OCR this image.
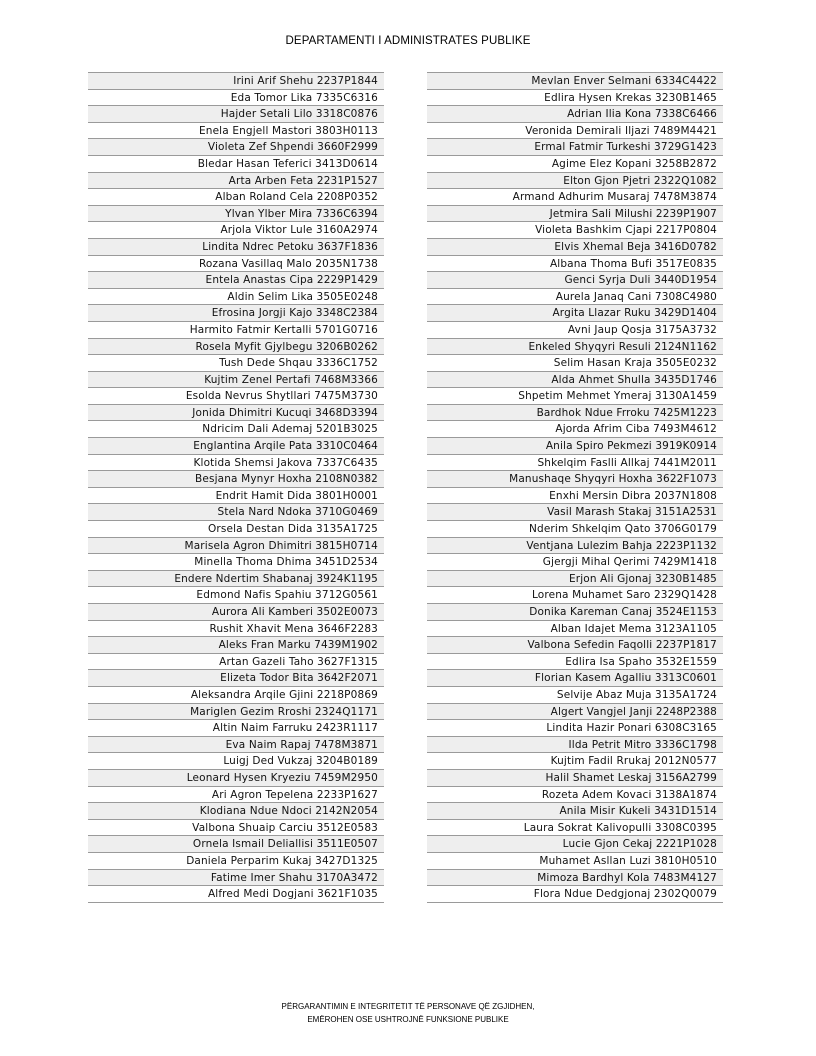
DEPARTAMENTI I ADMINISTRATES PUBLIKE
Irini Arif Shehu 2237P1844
Eda Tomor Lika 7335C6316
Hajder Setali Lilo 3318C0876
Enela Engjell Mastori 3803H0113
Violeta Zef Shpendi 3660F2999
Bledar Hasan Teferici 3413D0614
Arta Arben Feta 2231P1527
Alban Roland Cela 2208P0352
Ylvan Ylber Mira 7336C6394
Arjola Viktor Lule 3160A2974
Lindita Ndrec Petoku 3637F1836
Rozana Vasillaq Malo 2035N1738
Entela Anastas Cipa 2229P1429
Aldin Selim Lika 3505E0248
Efrosina Jorgji Kajo 3348C2384
Harmito Fatmir Kertalli 5701G0716
Rosela Myfit Gjylbegu 3206B0262
Tush Dede Shqau 3336C1752
Kujtim Zenel Pertafi 7468M3366
Esolda Nevrus Shytllari 7475M3730
Jonida Dhimitri Kucuqi 3468D3394
Ndricim Dali Ademaj 5201B3025
Englantina Arqile Pata 3310C0464
Klotida Shemsi Jakova 7337C6435
Besjana Mynyr Hoxha 2108N0382
Endrit Hamit Dida 3801H0001
Stela Nard Ndoka 3710G0469
Orsela Destan Dida 3135A1725
Marisela Agron Dhimitri 3815H0714
Minella Thoma Dhima 3451D2534
Endere Ndertim Shabanaj 3924K1195
Edmond Nafis Spahiu 3712G0561
Aurora Ali Kamberi 3502E0073
Rushit Xhavit Mena 3646F2283
Aleks Fran Marku 7439M1902
Artan Gazeli Taho 3627F1315
Elizeta Todor Bita 3642F2071
Aleksandra Arqile Gjini 2218P0869
Mariglen Gezim Rroshi 2324Q1171
Altin Naim Farruku 2423R1117
Eva Naim Rapaj 7478M3871
Luigj Ded Vukzaj 3204B0189
Leonard Hysen Kryeziu 7459M2950
Ari Agron Tepelena 2233P1627
Klodiana Ndue Ndoci 2142N2054
Valbona Shuaip Carciu 3512E0583
Ornela Ismail Deliallisi 3511E0507
Daniela Perparim Kukaj 3427D1325
Fatime Imer Shahu 3170A3472
Alfred Medi Dogjani 3621F1035
Mevlan Enver Selmani 6334C4422
Edlira Hysen Krekas 3230B1465
Adrian Ilia Kona 7338C6466
Veronida Demirali Iljazi 7489M4421
Ermal Fatmir Turkeshi 3729G1423
Agime Elez Kopani 3258B2872
Elton Gjon Pjetri 2322Q1082
Armand Adhurim Musaraj 7478M3874
Jetmira Sali Milushi 2239P1907
Violeta Bashkim Cjapi 2217P0804
Elvis Xhemal Beja 3416D0782
Albana Thoma Bufi 3517E0835
Genci Syrja Duli 3440D1954
Aurela Janaq Cani 7308C4980
Argita Llazar Ruku 3429D1404
Avni Jaup Qosja 3175A3732
Enkeled Shyqyri Resuli 2124N1162
Selim Hasan Kraja 3505E0232
Alda Ahmet Shulla 3435D1746
Shpetim Mehmet Ymeraj 3130A1459
Bardhok Ndue Frroku 7425M1223
Ajorda Afrim Ciba 7493M4612
Anila Spiro Pekmezi 3919K0914
Shkelqim Faslli Allkaj 7441M2011
Manushaqe Shyqyri Hoxha 3622F1073
Enxhi Mersin Dibra 2037N1808
Vasil Marash Stakaj 3151A2531
Nderim Shkelqim Qato 3706G0179
Ventjana Lulezim Bahja 2223P1132
Gjergji Mihal Qerimi 7429M1418
Erjon Ali Gjonaj 3230B1485
Lorena Muhamet Saro 2329Q1428
Donika Kareman Canaj 3524E1153
Alban Idajet Mema 3123A1105
Valbona Sefedin Faqolli 2237P1817
Edlira Isa Spaho 3532E1559
Florian Kasem Agalliu 3313C0601
Selvije Abaz Muja 3135A1724
Algert Vangjel Janji 2248P2388
Lindita Hazir Ponari 6308C3165
Ilda Petrit Mitro 3336C1798
Kujtim Fadil Rrukaj 2012N0577
Halil Shamet Leskaj 3156A2799
Rozeta Adem Kovaci 3138A1874
Anila Misir Kukeli 3431D1514
Laura Sokrat Kalivopulli 3308C0395
Lucie Gjon Cekaj 2221P1028
Muhamet Asllan Luzi 3810H0510
Mimoza Bardhyl Kola 7483M4127
Flora Ndue Dedgjonaj 2302Q0079
PËRGARANTIMIN E INTEGRITETIT TË PERSONAVE QË ZGJIDHEN,
EMËROHEN OSE USHTROJNË FUNKSIONE PUBLIKE
